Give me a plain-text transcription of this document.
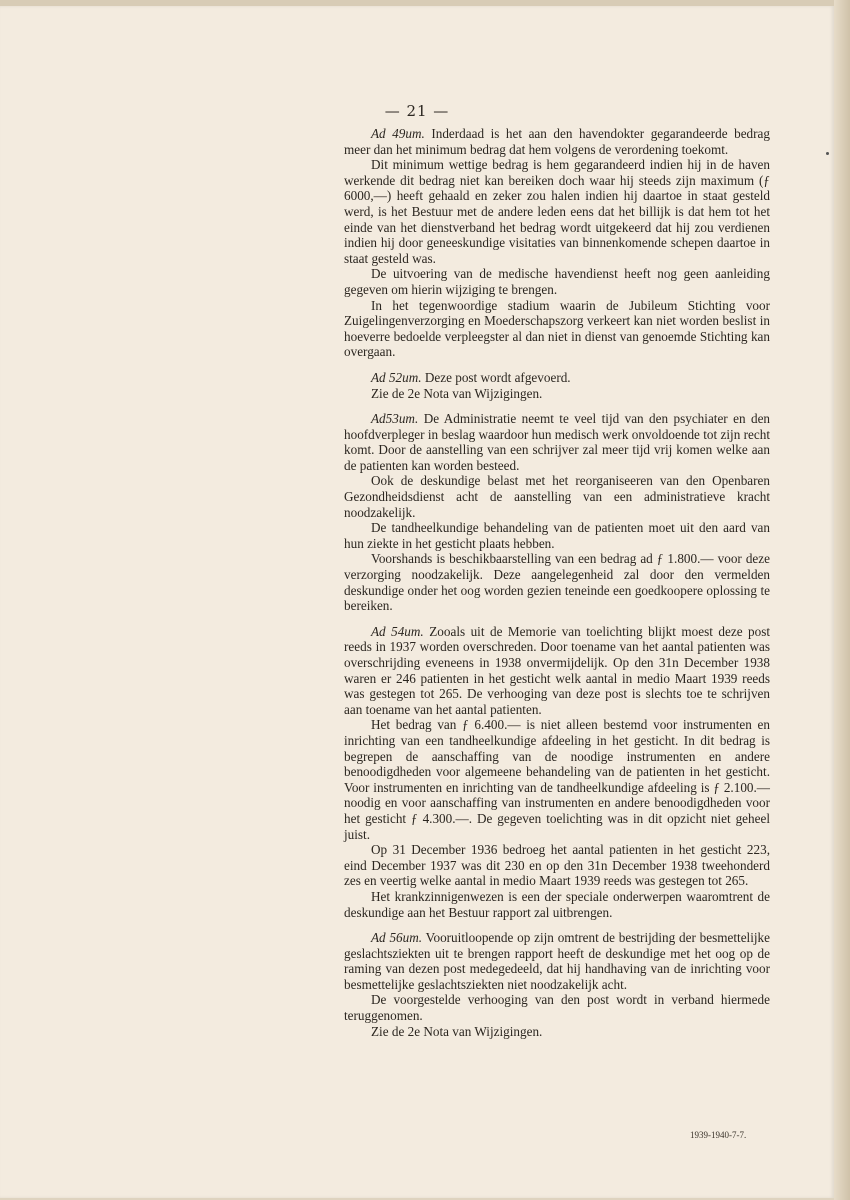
— 21 —

Ad 49um. Inderdaad is het aan den havendokter gegarandeerde bedrag meer dan het minimum bedrag dat hem volgens de verordening toekomt.

Dit minimum wettige bedrag is hem gegarandeerd indien hij in de haven werkende dit bedrag niet kan bereiken doch waar hij steeds zijn maximum (ƒ 6000,—) heeft gehaald en zeker zou halen indien hij daartoe in staat gesteld werd, is het Bestuur met de andere leden eens dat het billijk is dat hem tot het einde van het dienstverband het bedrag wordt uitgekeerd dat hij zou verdienen indien hij door geneeskundige visitaties van binnenkomende schepen daartoe in staat gesteld was.

De uitvoering van de medische havendienst heeft nog geen aanleiding gegeven om hierin wijziging te brengen.

In het tegenwoordige stadium waarin de Jubileum Stichting voor Zuigelingenverzorging en Moederschapszorg verkeert kan niet worden beslist in hoeverre bedoelde verpleegster al dan niet in dienst van genoemde Stichting kan overgaan.

Ad 52um. Deze post wordt afgevoerd.

Zie de 2e Nota van Wijzigingen.

Ad53um. De Administratie neemt te veel tijd van den psychiater en den hoofdverpleger in beslag waardoor hun medisch werk onvoldoende tot zijn recht komt. Door de aanstelling van een schrijver zal meer tijd vrij komen welke aan de patienten kan worden besteed.

Ook de deskundige belast met het reorganiseeren van den Openbaren Gezondheidsdienst acht de aanstelling van een administratieve kracht noodzakelijk.

De tandheelkundige behandeling van de patienten moet uit den aard van hun ziekte in het gesticht plaats hebben.

Voorshands is beschikbaarstelling van een bedrag ad ƒ 1.800.— voor deze verzorging noodzakelijk. Deze aangelegenheid zal door den vermelden deskundige onder het oog worden gezien teneinde een goedkoopere oplossing te bereiken.

Ad 54um. Zooals uit de Memorie van toelichting blijkt moest deze post reeds in 1937 worden overschreden. Door toename van het aantal patienten was overschrijding eveneens in 1938 onvermijdelijk. Op den 31n December 1938 waren er 246 patienten in het gesticht welk aantal in medio Maart 1939 reeds was gestegen tot 265. De verhooging van deze post is slechts toe te schrijven aan toename van het aantal patienten.

Het bedrag van ƒ 6.400.— is niet alleen bestemd voor instrumenten en inrichting van een tandheelkundige afdeeling in het gesticht. In dit bedrag is begrepen de aanschaffing van de noodige instrumenten en andere benoodigdheden voor algemeene behandeling van de patienten in het gesticht. Voor instrumenten en inrichting van de tandheelkundige afdeeling is ƒ 2.100.— noodig en voor aanschaffing van instrumenten en andere benoodigdheden voor het gesticht ƒ 4.300.—. De gegeven toelichting was in dit opzicht niet geheel juist.

Op 31 December 1936 bedroeg het aantal patienten in het gesticht 223, eind December 1937 was dit 230 en op den 31n December 1938 tweehonderd zes en veertig welke aantal in medio Maart 1939 reeds was gestegen tot 265.

Het krankzinnigenwezen is een der speciale onderwerpen waaromtrent de deskundige aan het Bestuur rapport zal uitbrengen.

Ad 56um. Vooruitloopende op zijn omtrent de bestrijding der besmettelijke geslachtsziekten uit te brengen rapport heeft de deskundige met het oog op de raming van dezen post medegedeeld, dat hij handhaving van de inrichting voor besmettelijke geslachtsziekten niet noodzakelijk acht.

De voorgestelde verhooging van den post wordt in verband hiermede teruggenomen.

Zie de 2e Nota van Wijzigingen.

1939-1940-7-7.
